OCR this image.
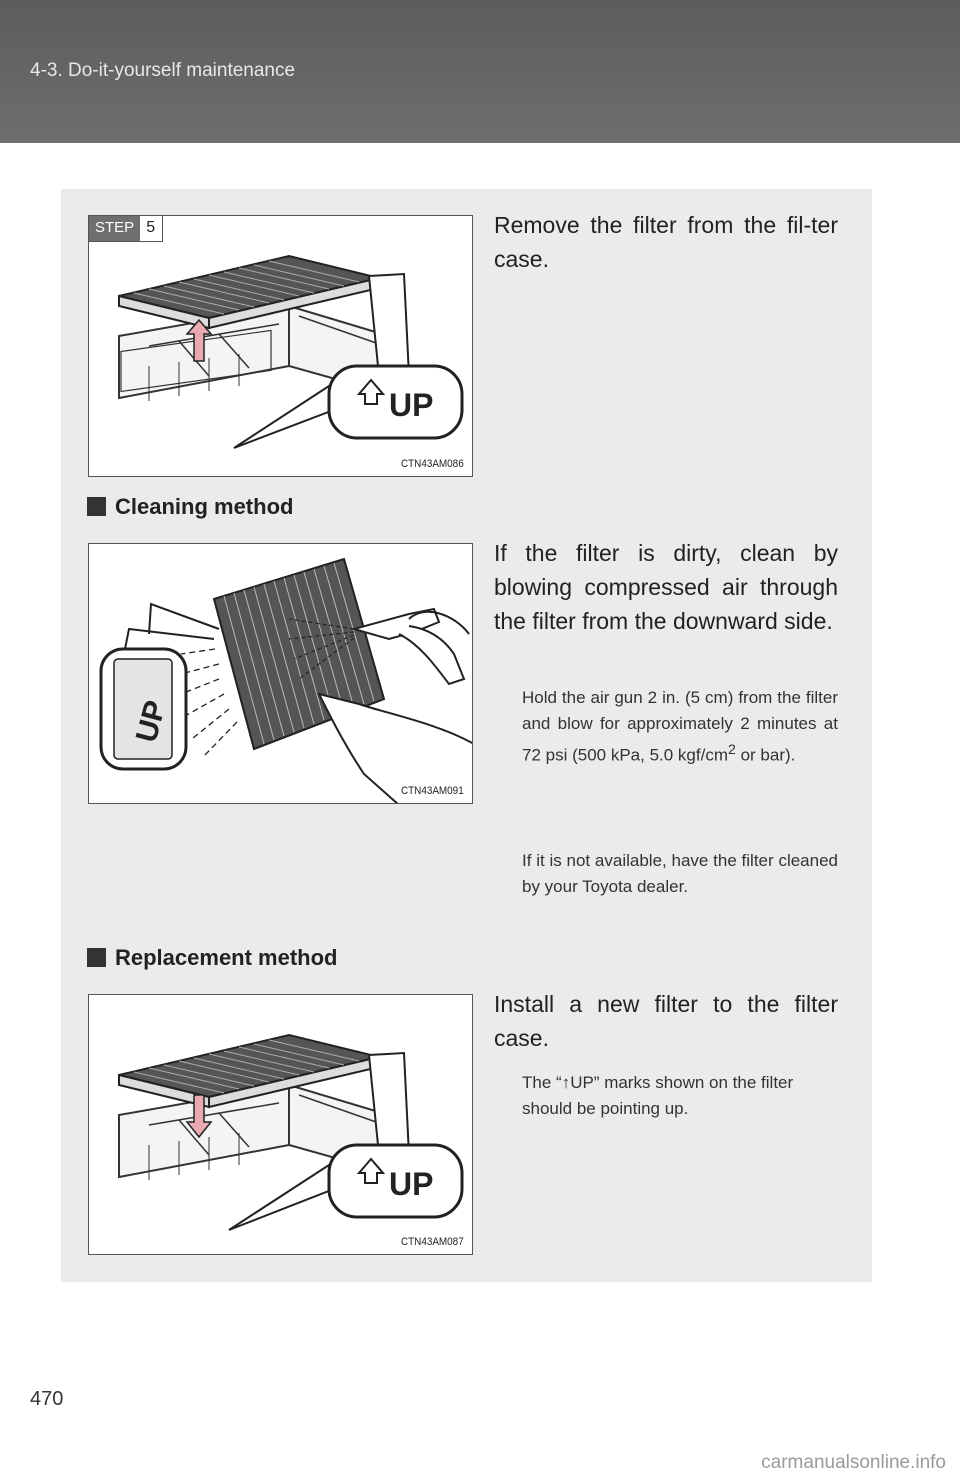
4-3. Do-it-yourself maintenance
UP
STEP 5
CTN43AM086
Remove the filter from the fil-ter case.
Cleaning method
UP
CTN43AM091
If the filter is dirty, clean by blowing compressed air through the filter from the downward side.
Hold the air gun 2 in. (5 cm) from the filter and blow for approximately 2 minutes at 72 psi (500 kPa, 5.0 kgf/$cm^2$ or bar).
If it is not available, have the filter cleaned by your Toyota dealer.
Replacement method
UP
CTN43AM087
Install a new filter to the filter case.
The “↑UP” marks shown on the filter should be pointing up.
470
carmanualsonline.info
